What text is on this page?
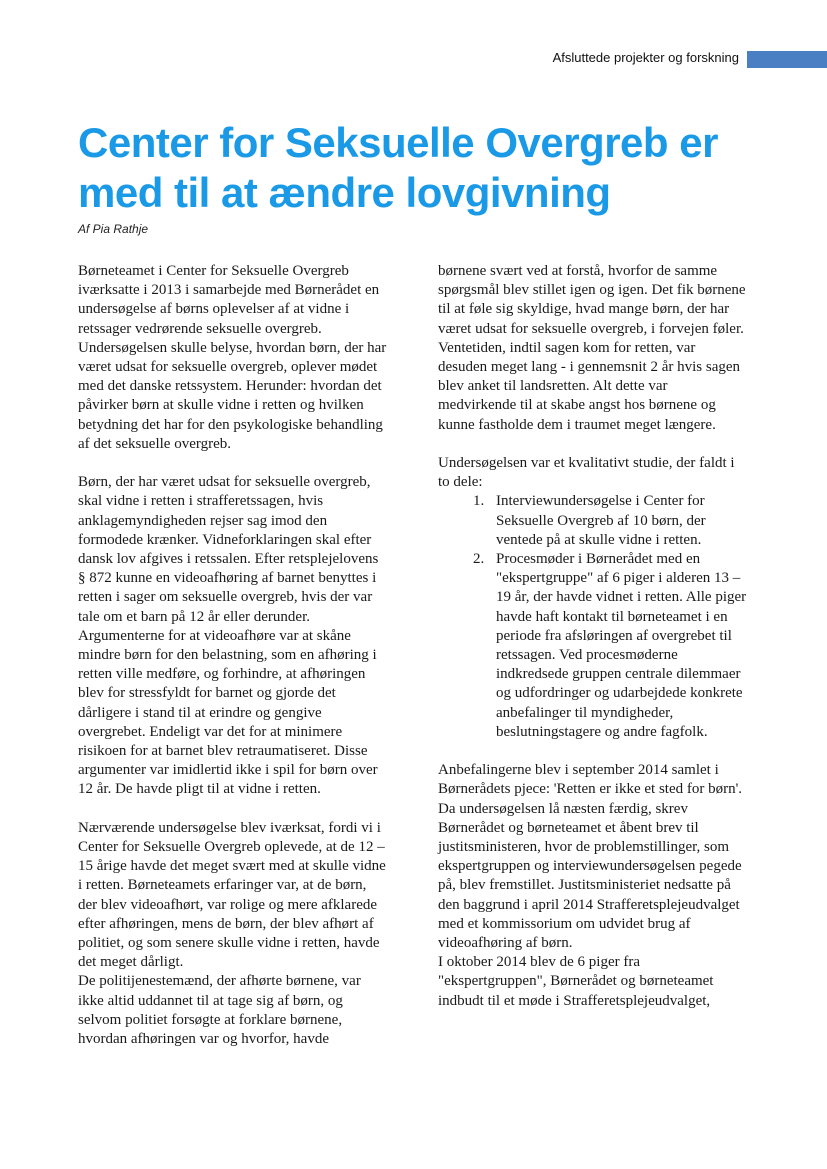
Afsluttede projekter og forskning
Center for Seksuelle Overgreb er med til at ændre lovgivning
Af Pia Rathje

Børneteamet i Center for Seksuelle Overgreb iværksatte i 2013 i samarbejde med Børnerådet en undersøgelse af børns oplevelser af at vidne i retssager vedrørende seksuelle overgreb. Undersøgelsen skulle belyse, hvordan børn, der har været udsat for seksuelle overgreb, oplever mødet med det danske retssystem. Herunder: hvordan det påvirker børn at skulle vidne i retten og hvilken betydning det har for den psykologiske behandling af det seksuelle overgreb.

Børn, der har været udsat for seksuelle overgreb, skal vidne i retten i strafferetssagen, hvis anklagemyndigheden rejser sag imod den formodede krænker. Vidneforklaringen skal efter dansk lov afgives i retssalen. Efter retsplejelovens § 872 kunne en videoafhøring af barnet benyttes i retten i sager om seksuelle overgreb, hvis der var tale om et barn på 12 år eller derunder. Argumenterne for at videoafhøre var at skåne mindre børn for den belastning, som en afhøring i retten ville medføre, og forhindre, at afhøringen blev for stressfyldt for barnet og gjorde det dårligere i stand til at erindre og gengive overgrebet. Endeligt var det for at minimere risikoen for at barnet blev retraumatiseret. Disse argumenter var imidlertid ikke i spil for børn over 12 år. De havde pligt til at vidne i retten.

Nærværende undersøgelse blev iværksat, fordi vi i Center for Seksuelle Overgreb oplevede, at de 12 – 15 årige havde det meget svært med at skulle vidne i retten. Børneteamets erfaringer var, at de børn, der blev videoafhørt, var rolige og mere afklarede efter afhøringen, mens de børn, der blev afhørt af politiet, og som senere skulle vidne i retten, havde det meget dårligt.

De politijenestemænd, der afhørte børnene, var ikke altid uddannet til at tage sig af børn, og selvom politiet forsøgte at forklare børnene, hvordan afhøringen var og hvorfor, havde

børnene svært ved at forstå, hvorfor de samme spørgsmål blev stillet igen og igen. Det fik børnene til at føle sig skyldige, hvad mange børn, der har været udsat for seksuelle overgreb, i forvejen føler. Ventetiden, indtil sagen kom for retten, var desuden meget lang - i gennemsnit 2 år hvis sagen blev anket til landsretten. Alt dette var medvirkende til at skabe angst hos børnene og kunne fastholde dem i traumet meget længere.

Undersøgelsen var et kvalitativt studie, der faldt i to dele:

1. Interviewundersøgelse i Center for Seksuelle Overgreb af 10 børn, der ventede på at skulle vidne i retten.
2. Procesmøder i Børnerådet med en "ekspertgruppe" af 6 piger i alderen 13 – 19 år, der havde vidnet i retten. Alle piger havde haft kontakt til børneteamet i en periode fra afsløringen af overgrebet til retssagen. Ved procesmøderne indkredsede gruppen centrale dilemmaer og udfordringer og udarbejdede konkrete anbefalinger til myndigheder, beslutningstagere og andre fagfolk.

Anbefalingerne blev i september 2014 samlet i Børnerådets pjece: 'Retten er ikke et sted for børn'.

Da undersøgelsen lå næsten færdig, skrev Børnerådet og børneteamet et åbent brev til justitsministeren, hvor de problemstillinger, som ekspertgruppen og interviewundersøgelsen pegede på, blev fremstillet. Justitsministeriet nedsatte på den baggrund i april 2014 Strafferetsplejeudvalget med et kommissorium om udvidet brug af videoafhøring af børn.

I oktober 2014 blev de 6 piger fra "ekspertgruppen", Børnerådet og børneteamet indbudt til et møde i Strafferetsplejeudvalget,
